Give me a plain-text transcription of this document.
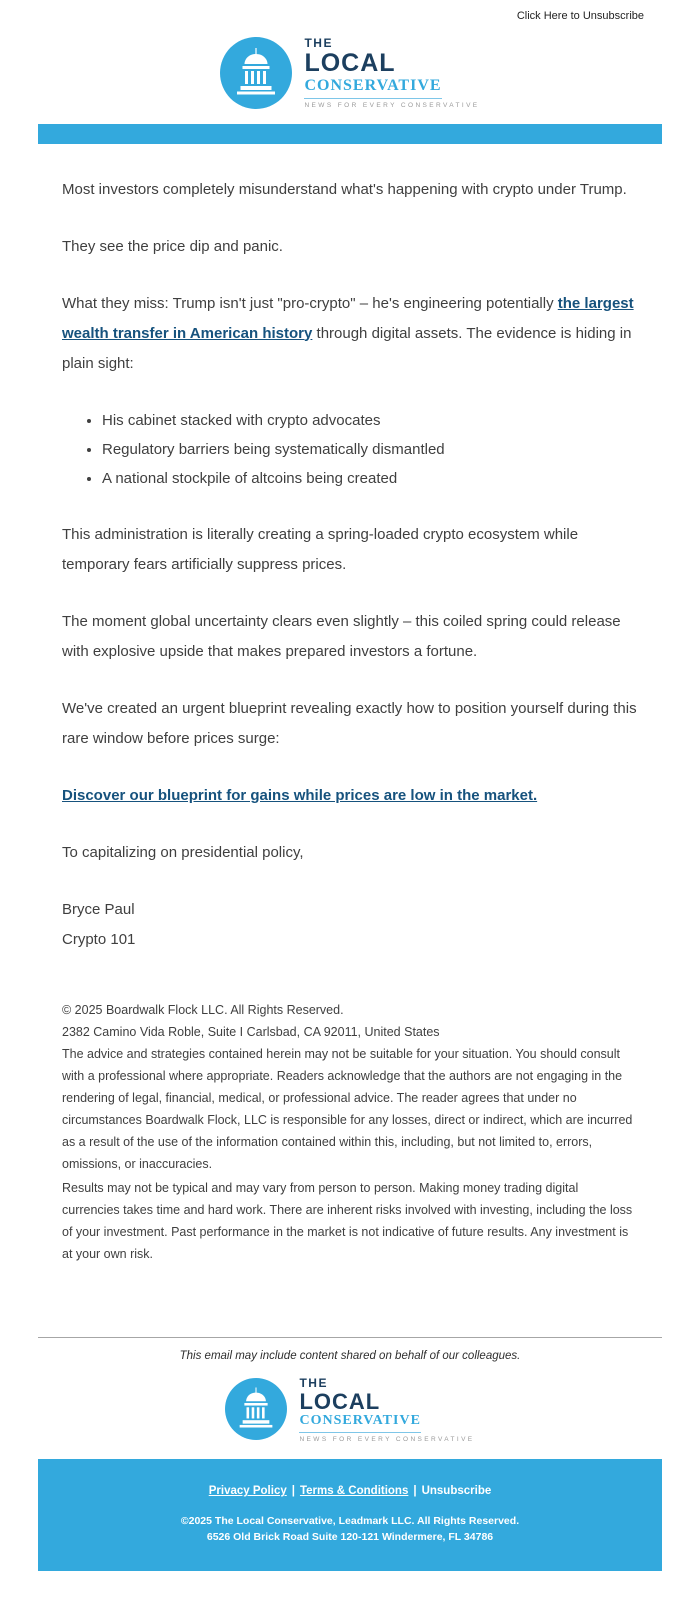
Click Here to Unsubscribe
THE
LOCAL
CONSERVATIVE
NEWS FOR EVERY CONSERVATIVE

Most investors completely misunderstand what's happening with crypto under Trump.

They see the price dip and panic.

What they miss: Trump isn't just "pro-crypto" – he's engineering potentially the largest wealth transfer in American history through digital assets. The evidence is hiding in plain sight:

• His cabinet stacked with crypto advocates
• Regulatory barriers being systematically dismantled
• A national stockpile of altcoins being created

This administration is literally creating a spring-loaded crypto ecosystem while temporary fears artificially suppress prices.

The moment global uncertainty clears even slightly – this coiled spring could release with explosive upside that makes prepared investors a fortune.

We've created an urgent blueprint revealing exactly how to position yourself during this rare window before prices surge:

Discover our blueprint for gains while prices are low in the market.

To capitalizing on presidential policy,

Bryce Paul

Crypto 101

© 2025 Boardwalk Flock LLC. All Rights Reserved.

2382 Camino Vida Roble, Suite I Carlsbad, CA 92011, United States

The advice and strategies contained herein may not be suitable for your situation. You should consult with a professional where appropriate. Readers acknowledge that the authors are not engaging in the rendering of legal, financial, medical, or professional advice. The reader agrees that under no circumstances Boardwalk Flock, LLC is responsible for any losses, direct or indirect, which are incurred as a result of the use of the information contained within this, including, but not limited to, errors, omissions, or inaccuracies.

Results may not be typical and may vary from person to person. Making money trading digital currencies takes time and hard work. There are inherent risks involved with investing, including the loss of your investment. Past performance in the market is not indicative of future results. Any investment is at your own risk.

This email may include content shared on behalf of our colleagues.
THE
LOCAL
CONSERVATIVE
NEWS FOR EVERY CONSERVATIVE
Privacy Policy | Terms & Conditions | Unsubscribe
©2025 The Local Conservative, Leadmark LLC. All Rights Reserved.
6526 Old Brick Road Suite 120-121 Windermere, FL 34786
